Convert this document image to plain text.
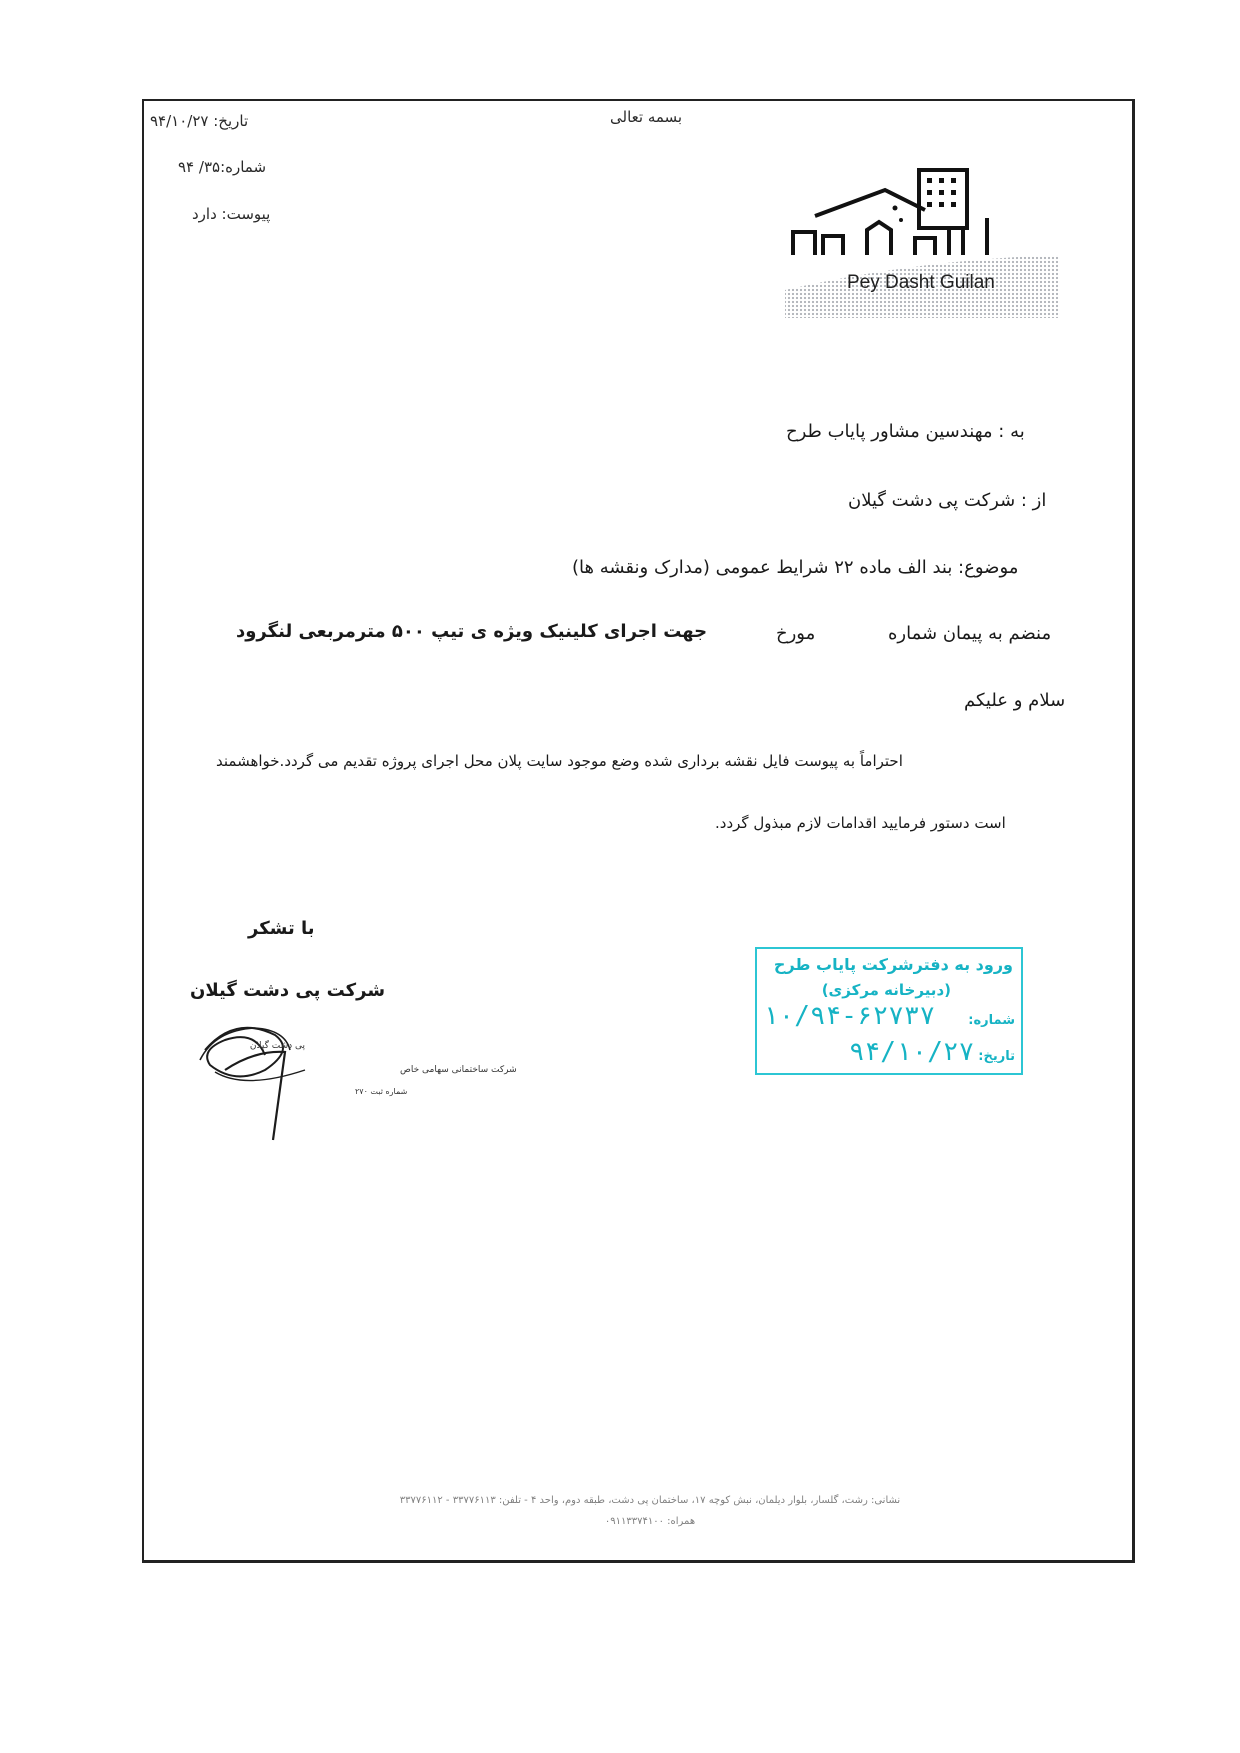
بسمه تعالی
تاریخ: ۹۴/۱۰/۲۷
شماره:۳۵/ ۹۴
پیوست: دارد
Pey Dasht Guilan
به : مهندسین مشاور پایاب طرح
از : شرکت پی دشت گیلان
موضوع: بند الف ماده ۲۲ شرایط عمومی (مدارک ونقشه ها)
منضم به پیمان شماره
مورخ
جهت اجرای کلینیک ویژه ی تیپ ۵۰۰ مترمربعی لنگرود
سلام و علیکم
احتراماً به پیوست فایل نقشه برداری شده وضع موجود سایت پلان محل اجرای پروژه تقدیم می گردد.خواهشمند
است دستور فرمایید اقدامات لازم مبذول گردد.
با تشکر
شرکت پی دشت گیلان
پی دشت گیلان
شرکت ساختمانی سهامی خاص
شماره ثبت ۲۷۰
ورود به دفترشرکت پایاب طرح
(دبیرخانه مرکزی)
شماره:
۱۰/۹۴-۶۲۷۳۷
تاریخ:
۹۴/۱۰/۲۷
نشانی: رشت، گلسار، بلوار دیلمان، نبش کوچه ۱۷، ساختمان پی دشت، طبقه دوم، واحد ۴ - تلفن: ۳۳۷۷۶۱۱۳ - ۳۳۷۷۶۱۱۲
همراه: ۰۹۱۱۳۳۷۴۱۰۰
